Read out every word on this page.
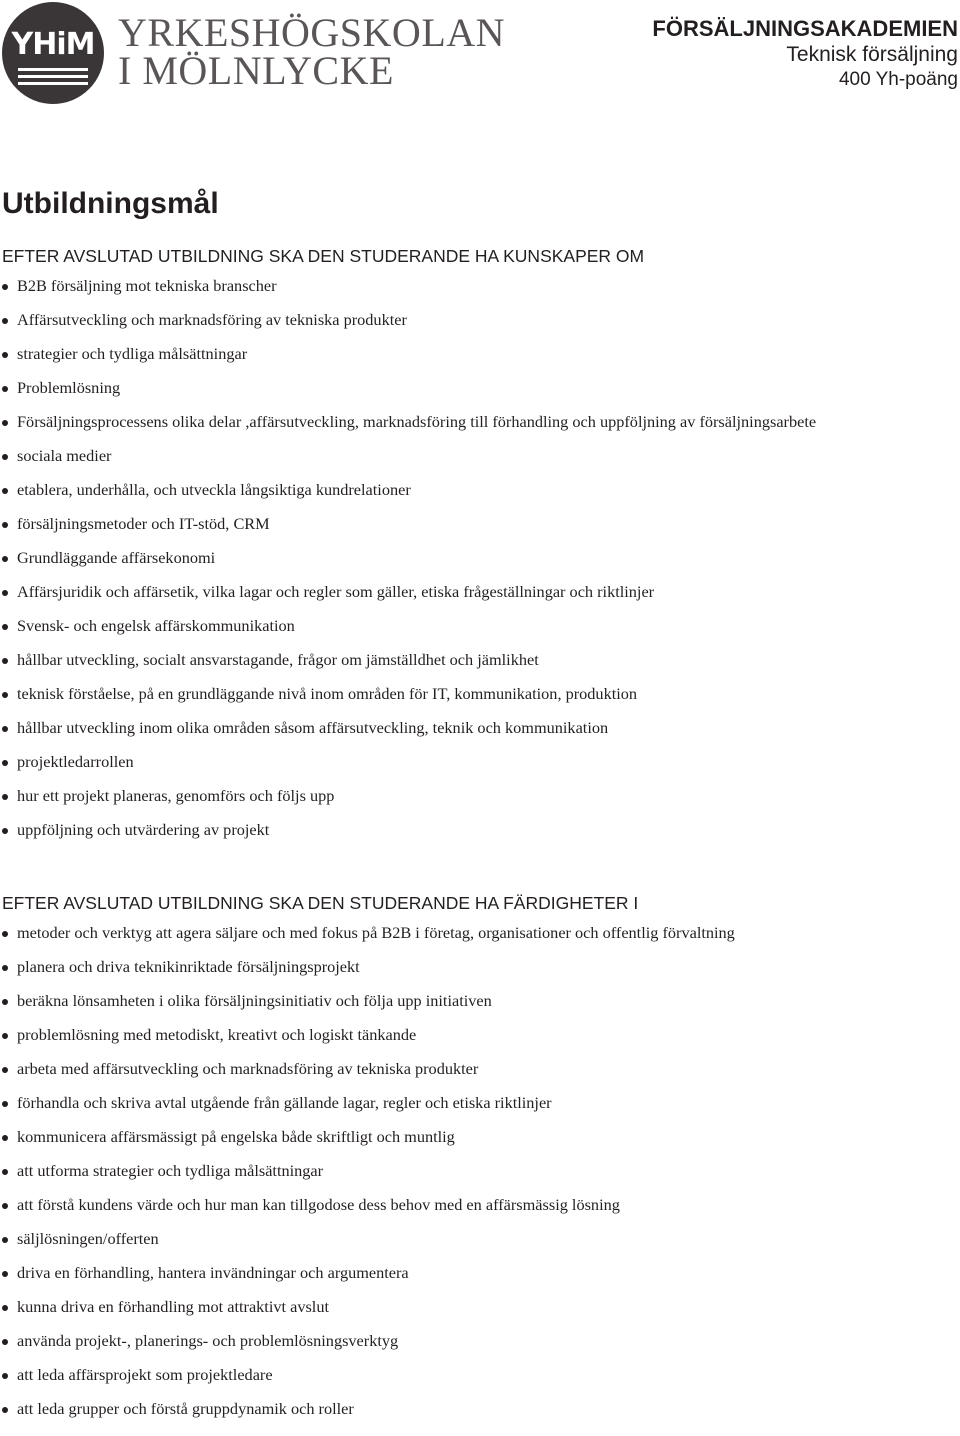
YHiM YRKESHÖGSKOLAN
I MÖLNLYCKE
FÖRSÄLJNINGSAKADEMIEN
Teknisk försäljning
400 Yh-poäng
Utbildningsmål
EFTER AVSLUTAD UTBILDNING SKA DEN STUDERANDE HA KUNSKAPER OM
B2B försäljning mot tekniska branscher
Affärsutveckling och marknadsföring av tekniska produkter
strategier och tydliga målsättningar
Problemlösning
Försäljningsprocessens olika delar ,affärsutveckling, marknadsföring till förhandling och uppföljning av försäljningsarbete
sociala medier
etablera, underhålla, och utveckla långsiktiga kundrelationer
försäljningsmetoder och IT-stöd, CRM
Grundläggande affärsekonomi
Affärsjuridik och affärsetik, vilka lagar och regler som gäller, etiska frågeställningar och riktlinjer
Svensk- och engelsk affärskommunikation
hållbar utveckling, socialt ansvarstagande, frågor om jämställdhet och jämlikhet
teknisk förståelse, på en grundläggande nivå inom områden för IT, kommunikation, produktion
hållbar utveckling inom olika områden såsom affärsutveckling, teknik och kommunikation
projektledarrollen
hur ett projekt planeras, genomförs och följs upp
uppföljning och utvärdering av projekt
EFTER AVSLUTAD UTBILDNING SKA DEN STUDERANDE HA FÄRDIGHETER I
metoder och verktyg att agera säljare och med fokus på B2B i företag, organisationer och offentlig förvaltning
planera och driva teknikinriktade försäljningsprojekt
beräkna lönsamheten i olika försäljningsinitiativ och följa upp initiativen
problemlösning med metodiskt, kreativt och logiskt tänkande
arbeta med affärsutveckling och marknadsföring av tekniska produkter
förhandla och skriva avtal utgående från gällande lagar, regler och etiska riktlinjer
kommunicera affärsmässigt på engelska både skriftligt och muntlig
att utforma strategier och tydliga målsättningar
att förstå kundens värde och hur man kan tillgodose dess behov med en affärsmässig lösning
säljlösningen/offerten
driva en förhandling, hantera invändningar och argumentera
kunna driva en förhandling mot attraktivt avslut
använda projekt-, planerings- och problemlösningsverktyg
att leda affärsprojekt som projektledare
att leda grupper och förstå gruppdynamik och roller
